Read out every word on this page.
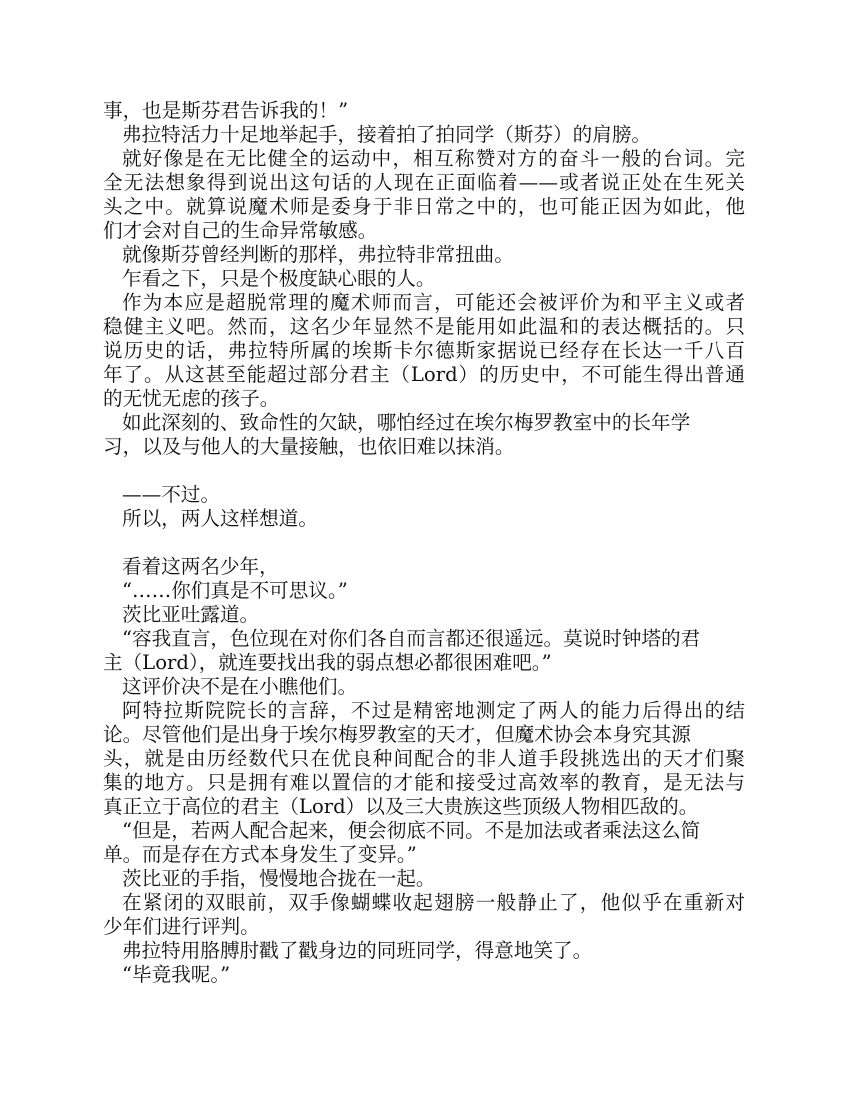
事，也是斯芬君告诉我的！”
弗拉特活力十足地举起手，接着拍了拍同学（斯芬）的肩膀。
就好像是在无比健全的运动中，相互称赞对方的奋斗一般的台词。完
全无法想象得到说出这句话的人现在正面临着——或者说正处在生死关
头之中。就算说魔术师是委身于非日常之中的，也可能正因为如此，他
们才会对自己的生命异常敏感。
就像斯芬曾经判断的那样，弗拉特非常扭曲。
乍看之下，只是个极度缺心眼的人。
作为本应是超脱常理的魔术师而言，可能还会被评价为和平主义或者
稳健主义吧。然而，这名少年显然不是能用如此温和的表达概括的。只
说历史的话，弗拉特所属的埃斯卡尔德斯家据说已经存在长达一千八百
年了。从这甚至能超过部分君主（Lord）的历史中，不可能生得出普通
的无忧无虑的孩子。
如此深刻的、致命性的欠缺，哪怕经过在埃尔梅罗教室中的长年学
习，以及与他人的大量接触，也依旧难以抹消。
——不过。
所以，两人这样想道。
看着这两名少年，
“……你们真是不可思议。”
茨比亚吐露道。
“容我直言，色位现在对你们各自而言都还很遥远。莫说时钟塔的君
主（Lord），就连要找出我的弱点想必都很困难吧。”
这评价决不是在小瞧他们。
阿特拉斯院院长的言辞，不过是精密地测定了两人的能力后得出的结
论。尽管他们是出身于埃尔梅罗教室的天才，但魔术协会本身究其源
头，就是由历经数代只在优良种间配合的非人道手段挑选出的天才们聚
集的地方。只是拥有难以置信的才能和接受过高效率的教育，是无法与
真正立于高位的君主（Lord）以及三大贵族这些顶级人物相匹敌的。
“但是，若两人配合起来，便会彻底不同。不是加法或者乘法这么简
单。而是存在方式本身发生了变异。”
茨比亚的手指，慢慢地合拢在一起。
在紧闭的双眼前，双手像蝴蝶收起翅膀一般静止了，他似乎在重新对
少年们进行评判。
弗拉特用胳膊肘戳了戳身边的同班同学，得意地笑了。
“毕竟我呢。”
